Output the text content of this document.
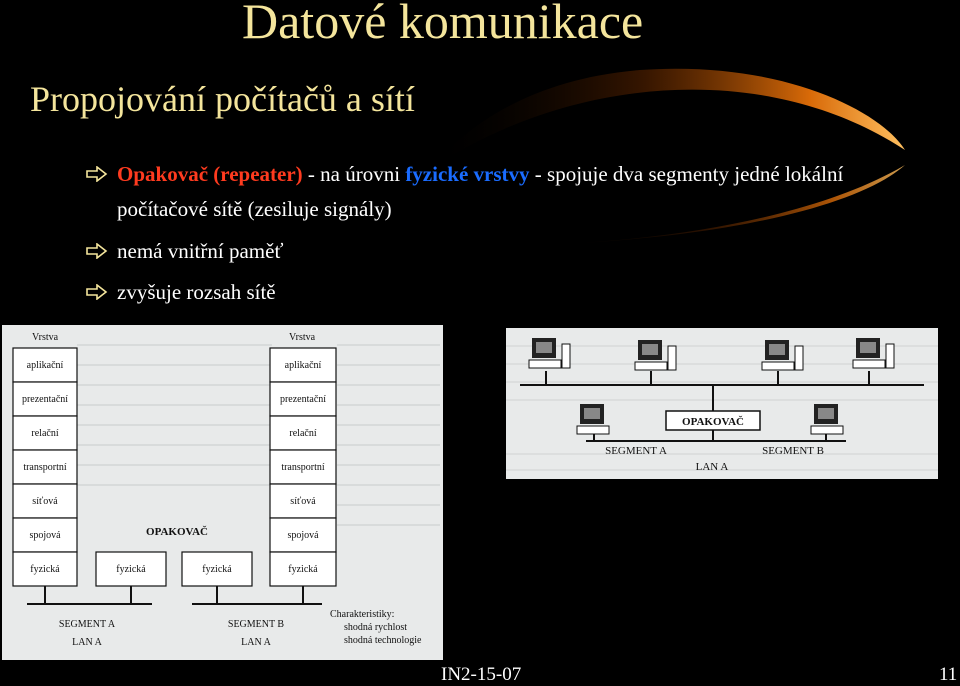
Datové komunikace
Propojování počítačů a sítí
Opakovač (repeater) - na úrovni fyzické vrstvy - spojuje dva segmenty jedné lokální
počítačové sítě (zesiluje signály)
nemá vnitřní paměť
zvyšuje rozsah sítě
Vrstva	Vrstva
aplikační
prezentační
relační
transportní
síťová
spojová
fyzická
aplikační
prezentační
relační
transportní
síťová
spojová
fyzická
OPAKOVAČ
fyzická	fyzická
SEGMENT A
LAN A
SEGMENT B
LAN A
Charakteristiky:
shodná rychlost
shodná technologie
OPAKOVAČ
SEGMENT A	SEGMENT B
LAN A
IN2-15-07	11
